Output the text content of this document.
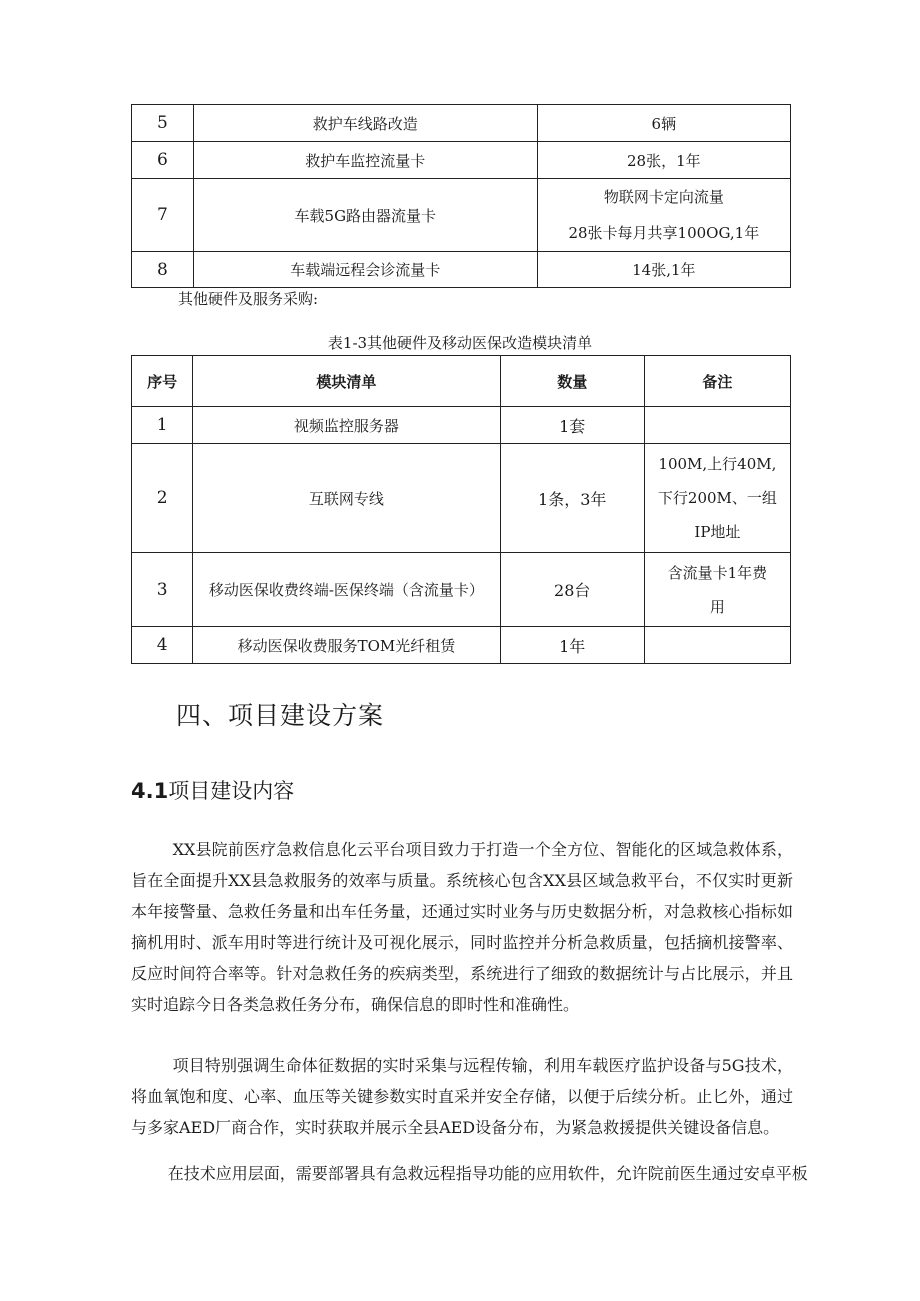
5	救护车线路改造	6辆
6	救护车监控流量卡	28张，1年
7	车载5G路由器流量卡	物联网卡定向流量
28张卡每月共享100OG,1年

8	车载端远程会诊流量卡	14张,1年
其他硬件及服务采购:
表1-3其他硬件及移动医保改造模块清单
序号	模块清单	数量	备注
1	视频监控服务器	1套	
2	互联网专线	1条，3年	100M,上行40M,
下行200M、一组
IP地址

3	移动医保收费终端-医保终端（含流量卡）	28台	含流量卡1年费
用

4	移动医保收费服务TOM光纤租赁	1年	
四、项目建设方案
4.1项目建设内容

XX县院前医疗急救信息化云平台项目致力于打造一个全方位、智能化的区域急救体系，旨在全面提升XX县急救服务的效率与质量。系统核心包含XX县区域急救平台，不仅实时更新本年接警量、急救任务量和出车任务量，还通过实时业务与历史数据分析，对急救核心指标如摘机用时、派车用时等进行统计及可视化展示，同时监控并分析急救质量，包括摘机接警率、反应时间符合率等。针对急救任务的疾病类型，系统进行了细致的数据统计与占比展示，并且实时追踪今日各类急救任务分布，确保信息的即时性和准确性。

项目特别强调生命体征数据的实时采集与远程传输，利用车载医疗监护设备与5G技术，将血氧饱和度、心率、血压等关键参数实时直采并安全存储，以便于后续分析。止匕外，通过与多家AED厂商合作，实时获取并展示全县AED设备分布，为紧急救援提供关键设备信息。

在技术应用层面，需要部署具有急救远程指导功能的应用软件，允许院前医生通过安卓平板
